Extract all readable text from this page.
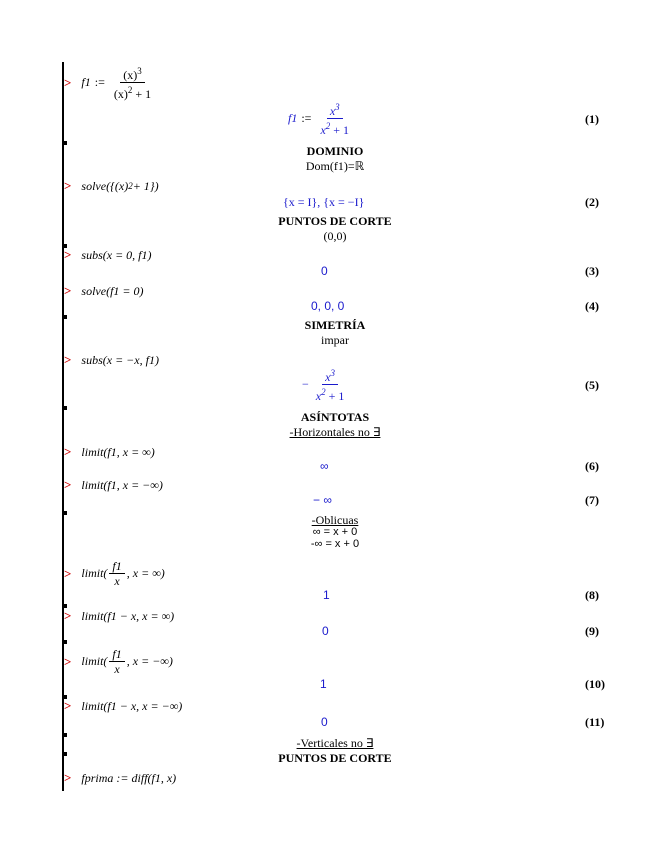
> f1 := $\frac{(x)^3}{(x)^2 + 1}$
f1 := $\frac{x^3}{x^2 + 1}$	(1)
DOMINIO
Dom(f1)=ℝ
> solve({(x) 2 + 1})
{x = I}, {x = −I}	(2)
PUNTOS DE CORTE
(0,0)
> subs(x = 0, f1)
0	(3)
> solve(f1 = 0)
0, 0, 0	(4)
SIMETRÍA
impar
> subs(x = −x, f1)
− $\frac{x^3}{x^2 + 1}$	(5)
ASÍNTOTAS
-Horizontales no ∃
> limit(f1, x = ∞)
∞	(6)
> limit(f1, x = −∞)
− ∞	(7)
-Oblicuas
∞ = x + 0
-∞ = x + 0
> limit( $\frac{f1}{x}$ , x = ∞)
1	(8)
> limit(f1 − x, x = ∞)
0	(9)
> limit( $\frac{f1}{x}$ , x = −∞)
1	(10)
> limit(f1 − x, x = −∞)
0	(11)
-Verticales no ∃
PUNTOS DE CORTE
> fprima := diff(f1, x)
